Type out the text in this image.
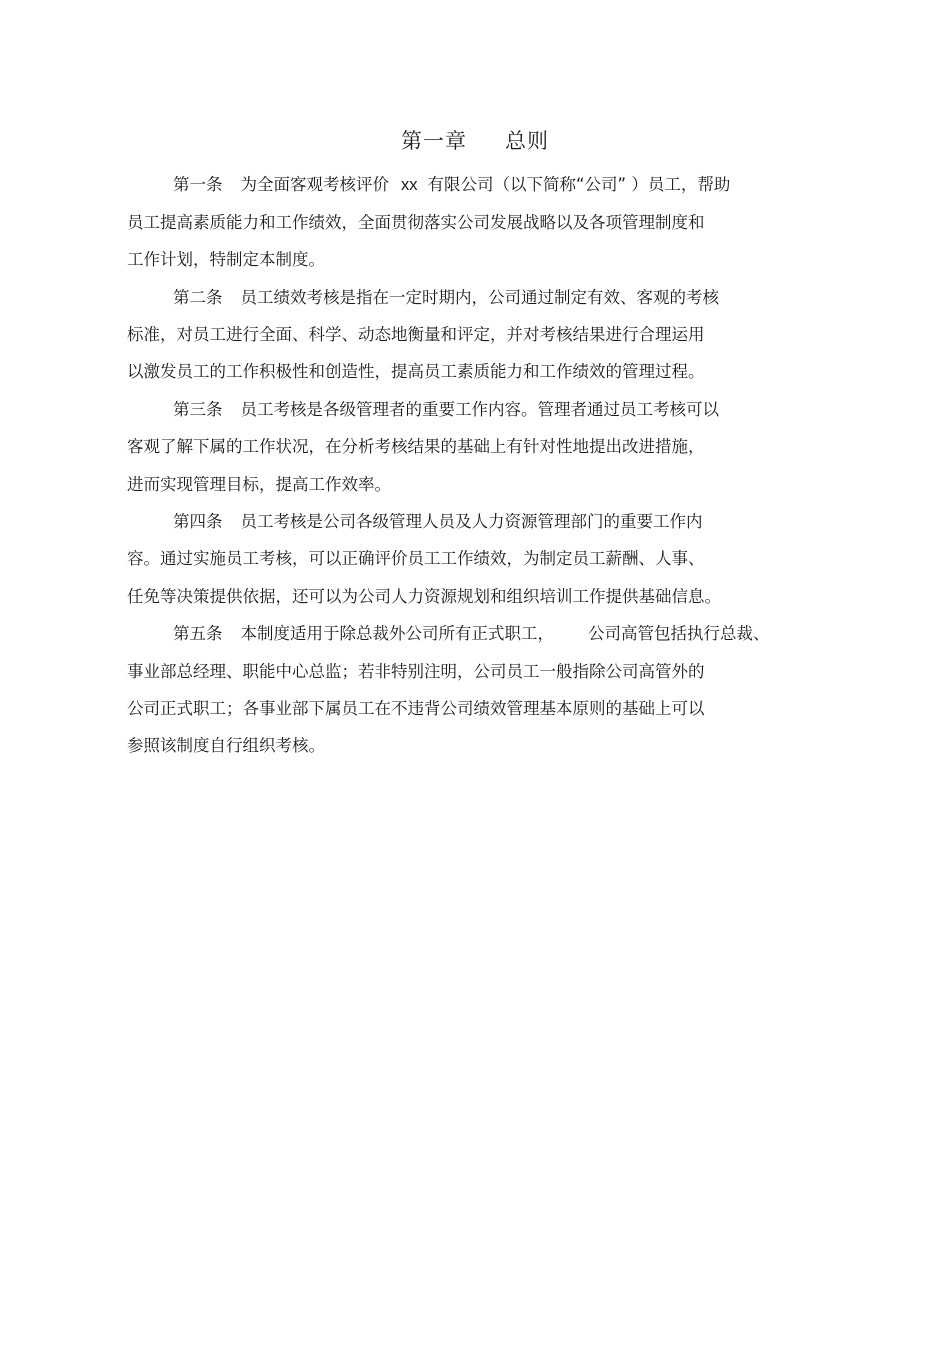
第一章 总则
第一条 为全面客观考核评价 xx 有限公司（以下简称“公司” ）员工，帮助
员工提高素质能力和工作绩效，全面贯彻落实公司发展战略以及各项管理制度和
工作计划，特制定本制度。
第二条 员工绩效考核是指在一定时期内，公司通过制定有效、客观的考核
标准，对员工进行全面、科学、动态地衡量和评定，并对考核结果进行合理运用
以激发员工的工作积极性和创造性，提高员工素质能力和工作绩效的管理过程。
第三条 员工考核是各级管理者的重要工作内容。管理者通过员工考核可以
客观了解下属的工作状况，在分析考核结果的基础上有针对性地提出改进措施，
进而实现管理目标，提高工作效率。
第四条 员工考核是公司各级管理人员及人力资源管理部门的重要工作内
容。通过实施员工考核，可以正确评价员工工作绩效，为制定员工薪酬、人事、
任免等决策提供依据，还可以为公司人力资源规划和组织培训工作提供基础信息。
第五条 本制度适用于除总裁外公司所有正式职工， 公司高管包括执行总裁、
事业部总经理、职能中心总监；若非特别注明，公司员工一般指除公司高管外的
公司正式职工；各事业部下属员工在不违背公司绩效管理基本原则的基础上可以
参照该制度自行组织考核。
